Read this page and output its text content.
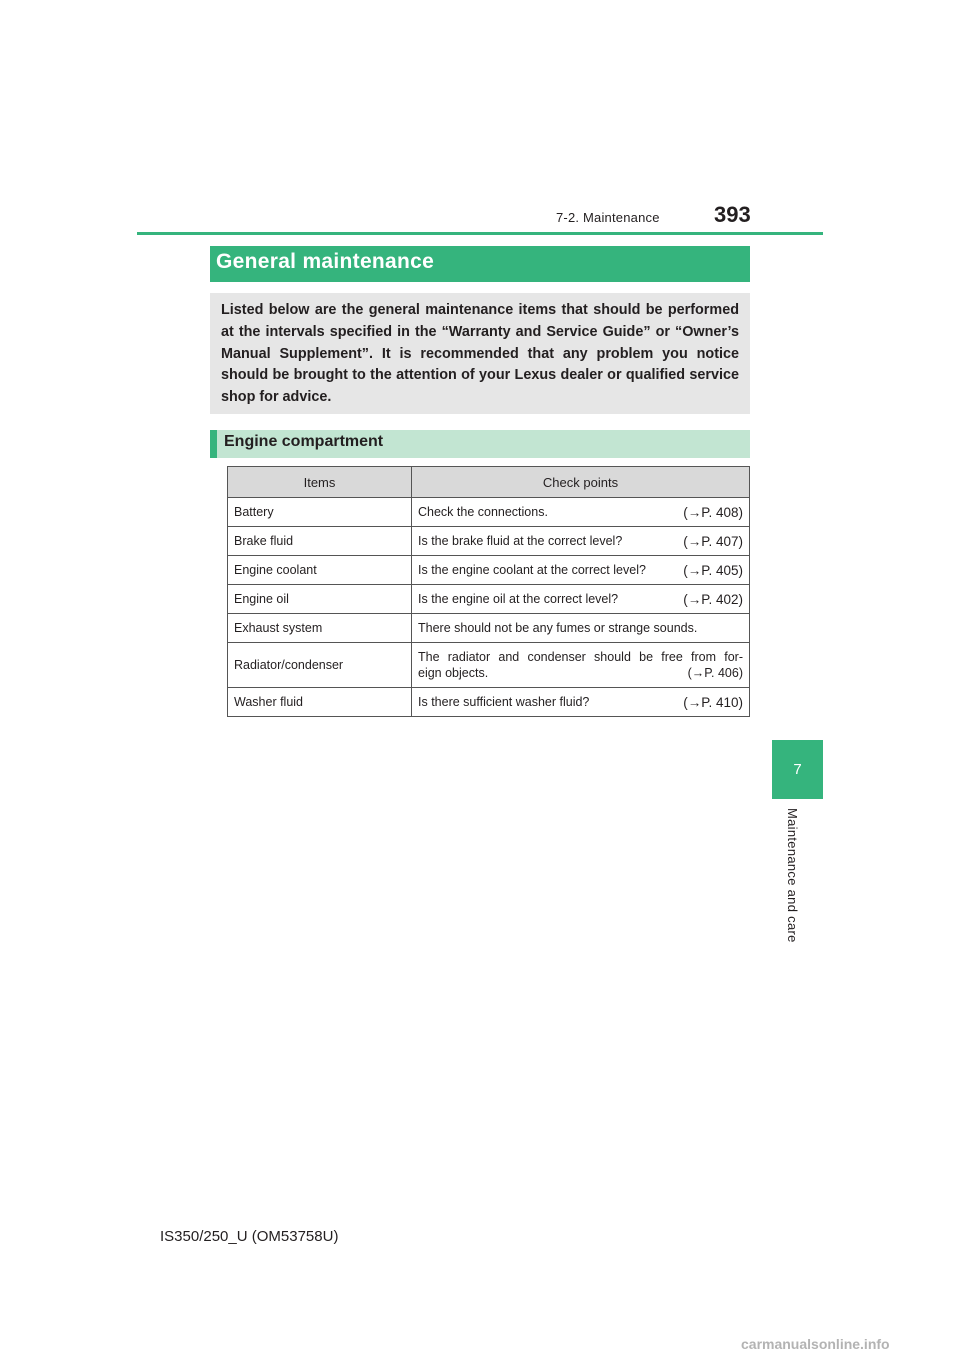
7-2. Maintenance 393
7
Maintenance and care
General maintenance
Listed below are the general maintenance items that should be performed at the intervals specified in the “Warranty and Service Guide” or “Owner’s Manual Supplement”. It is recommended that any problem you notice should be brought to the attention of your Lexus dealer or qualified service shop for advice.
Engine compartment
Items	Check points
Battery	Check the connections. (→P. 408)

Brake fluid	Is the brake fluid at the correct level? (→P. 407)

Engine coolant	Is the engine coolant at the correct level? (→P. 405)

Engine oil	Is the engine oil at the correct level? (→P. 402)

Exhaust system	There should not be any fumes or strange sounds.

Radiator/condenser	The radiator and condenser should be free from for-
eign objects. (→P. 406)

Washer fluid	Is there sufficient washer fluid? (→P. 410)
IS350/250_U (OM53758U)
carmanualsonline.info
